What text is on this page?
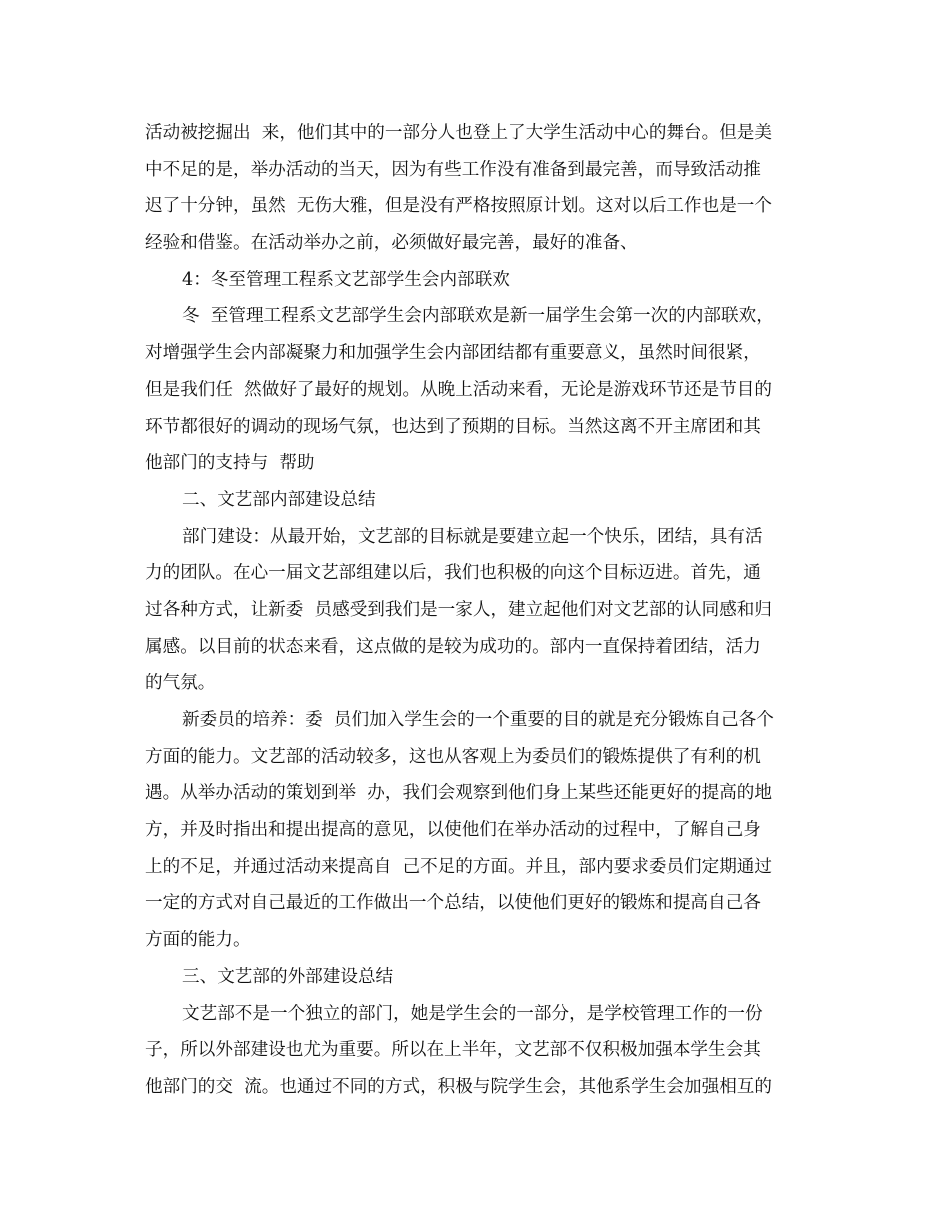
活动被挖掘出  来，他们其中的一部分人也登上了大学生活动中心的舞台。但是美
中不足的是，举办活动的当天，因为有些工作没有准备到最完善，而导致活动推
迟了十分钟，虽然  无伤大雅，但是没有严格按照原计划。这对以后工作也是一个
经验和借鉴。在活动举办之前，必须做好最完善，最好的准备、
4：冬至管理工程系文艺部学生会内部联欢
冬  至管理工程系文艺部学生会内部联欢是新一届学生会第一次的内部联欢，
对增强学生会内部凝聚力和加强学生会内部团结都有重要意义，虽然时间很紧，
但是我们任  然做好了最好的规划。从晚上活动来看，无论是游戏环节还是节目的
环节都很好的调动的现场气氛，也达到了预期的目标。当然这离不开主席团和其
他部门的支持与  帮助
二、文艺部内部建设总结
部门建设：从最开始，文艺部的目标就是要建立起一个快乐，团结，具有活
力的团队。在心一届文艺部组建以后，我们也积极的向这个目标迈进。首先，通
过各种方式，让新委  员感受到我们是一家人，建立起他们对文艺部的认同感和归
属感。以目前的状态来看，这点做的是较为成功的。部内一直保持着团结，活力
的气氛。
新委员的培养：委  员们加入学生会的一个重要的目的就是充分锻炼自己各个
方面的能力。文艺部的活动较多，这也从客观上为委员们的锻炼提供了有利的机
遇。从举办活动的策划到举  办，我们会观察到他们身上某些还能更好的提高的地
方，并及时指出和提出提高的意见，以使他们在举办活动的过程中，了解自己身
上的不足，并通过活动来提高自  己不足的方面。并且，部内要求委员们定期通过
一定的方式对自己最近的工作做出一个总结，以使他们更好的锻炼和提高自己各
方面的能力。
三、文艺部的外部建设总结
文艺部不是一个独立的部门，她是学生会的一部分，是学校管理工作的一份
子，所以外部建设也尤为重要。所以在上半年，文艺部不仅积极加强本学生会其
他部门的交  流。也通过不同的方式，积极与院学生会，其他系学生会加强相互的
